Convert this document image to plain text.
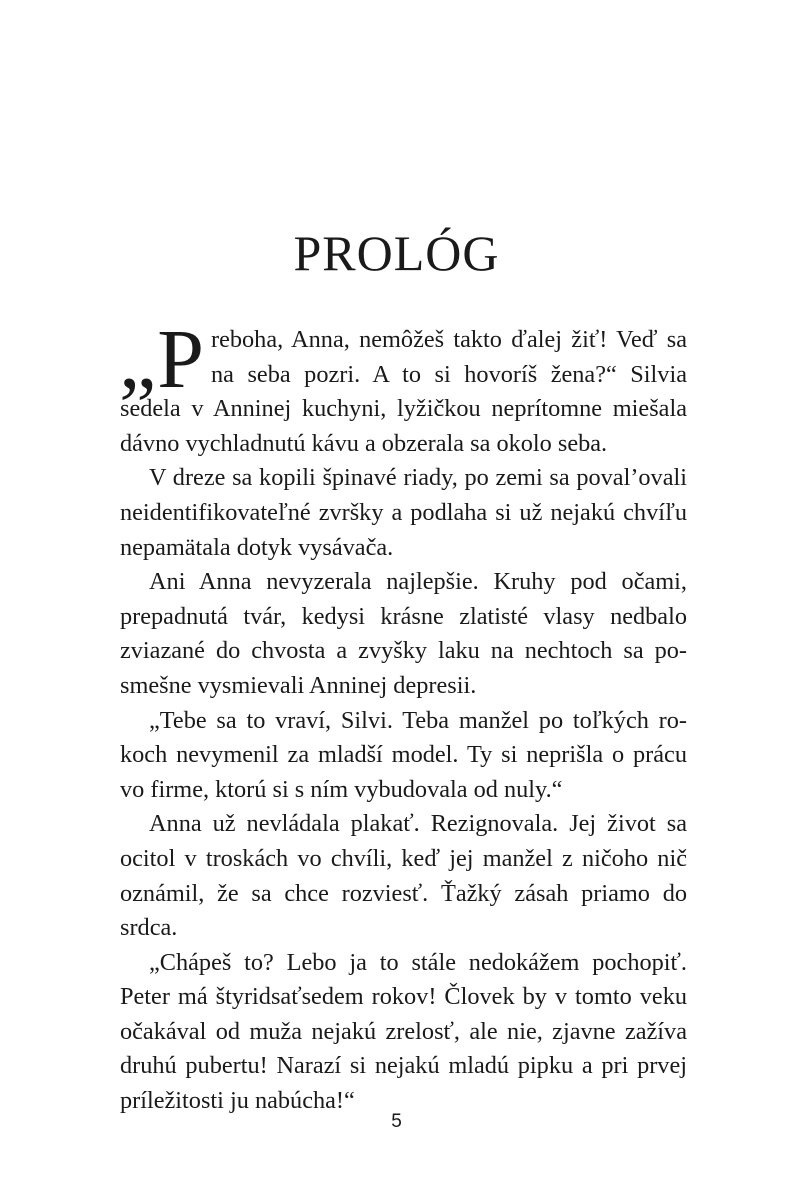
PROLÓG

„Preboha, Anna, nemôžeš takto ďalej žiť! Veď sa na seba pozri. A to si hovoríš žena?“ Silvia sedela v Anninej kuchyni, lyžičkou neprítomne miešala dávno vychladnutú kávu a obzerala sa okolo seba.

V dreze sa kopili špinavé riady, po zemi sa poval’ovali neidentifikovateľné zvršky a podlaha si už nejakú chvíľu nepamätala dotyk vysávača.

Ani Anna nevyzerala najlepšie. Kruhy pod očami, prepadnutá tvár, kedysi krásne zlatisté vlasy nedbalo zviazané do chvosta a zvyšky laku na nechtoch sa posmešne vysmievali Anninej depresii.

„Tebe sa to vraví, Silvi. Teba manžel po toľkých rokoch nevymenil za mladší model. Ty si neprišla o prácu vo firme, ktorú si s ním vybudovala od nuly.“

Anna už nevládala plakať. Rezignovala. Jej život sa ocitol v troskách vo chvíli, keď jej manžel z ničoho nič oznámil, že sa chce rozviesť. Ťažký zásah priamo do srdca.

„Chápeš to? Lebo ja to stále nedokážem pochopiť. Peter má štyridsaťsedem rokov! Človek by v tomto veku očakával od muža nejakú zrelosť, ale nie, zjavne zažíva druhú pubertu! Narazí si nejakú mladú pipku a pri prvej príležitosti ju nabúcha!“

5
